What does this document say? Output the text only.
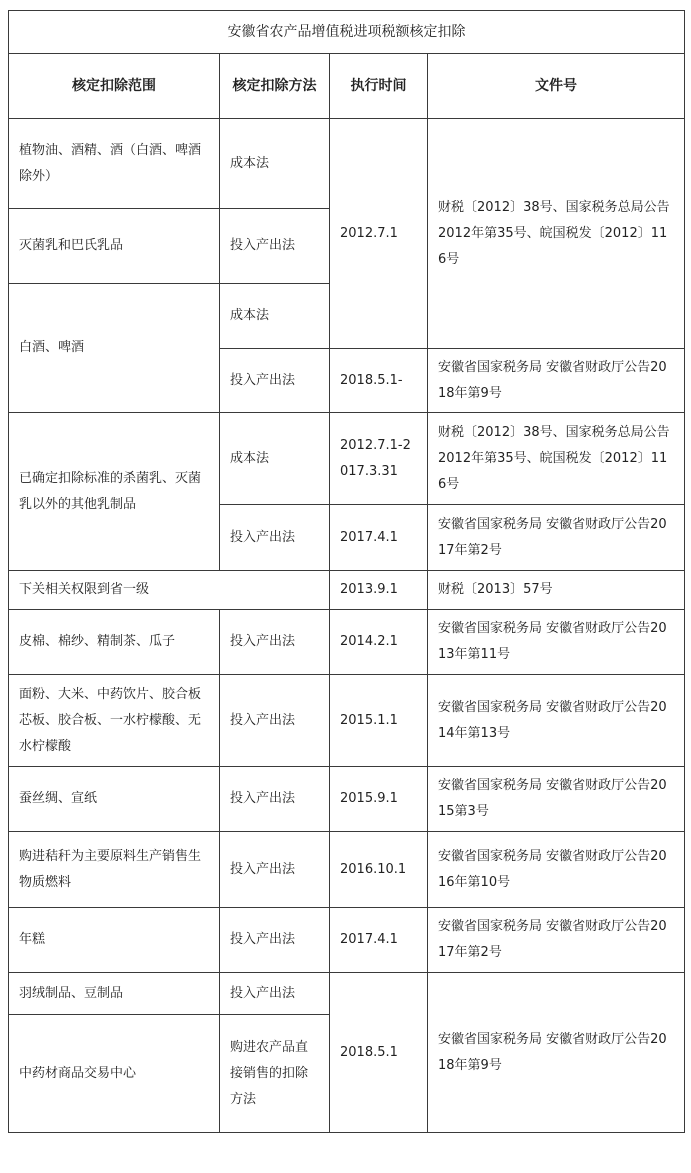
安徽省农产品增值税进项税额核定扣除			
核定扣除范围	核定扣除方法	执行时间	文件号
植物油、酒精、酒（白酒、啤酒除外）	成本法	2012.7.1	财税〔2012〕38号、国家税务总局公告2012年第35号、皖国税发〔2012〕116号
灭菌乳和巴氏乳品	投入产出法		
白酒、啤酒	成本法		
	投入产出法	2018.5.1-	安徽省国家税务局 安徽省财政厅公告2018年第9号
已确定扣除标准的杀菌乳、灭菌乳以外的其他乳制品	成本法	2012.7.1-2017.3.31	财税〔2012〕38号、国家税务总局公告2012年第35号、皖国税发〔2012〕116号
	投入产出法	2017.4.1	安徽省国家税务局 安徽省财政厅公告2017年第2号
下关相关权限到省一级		2013.9.1	财税〔2013〕57号
皮棉、棉纱、精制茶、瓜子	投入产出法	2014.2.1	安徽省国家税务局 安徽省财政厅公告2013年第11号
面粉、大米、中药饮片、胶合板芯板、胶合板、一水柠檬酸、无水柠檬酸	投入产出法	2015.1.1	安徽省国家税务局 安徽省财政厅公告2014年第13号
蚕丝绸、宣纸	投入产出法	2015.9.1	安徽省国家税务局 安徽省财政厅公告2015第3号
购进秸秆为主要原料生产销售生物质燃料	投入产出法	2016.10.1	安徽省国家税务局 安徽省财政厅公告2016年第10号
年糕	投入产出法	2017.4.1	安徽省国家税务局 安徽省财政厅公告2017年第2号
羽绒制品、豆制品	投入产出法	2018.5.1	安徽省国家税务局 安徽省财政厅公告2018年第9号
中药材商品交易中心	购进农产品直接销售的扣除方法		
